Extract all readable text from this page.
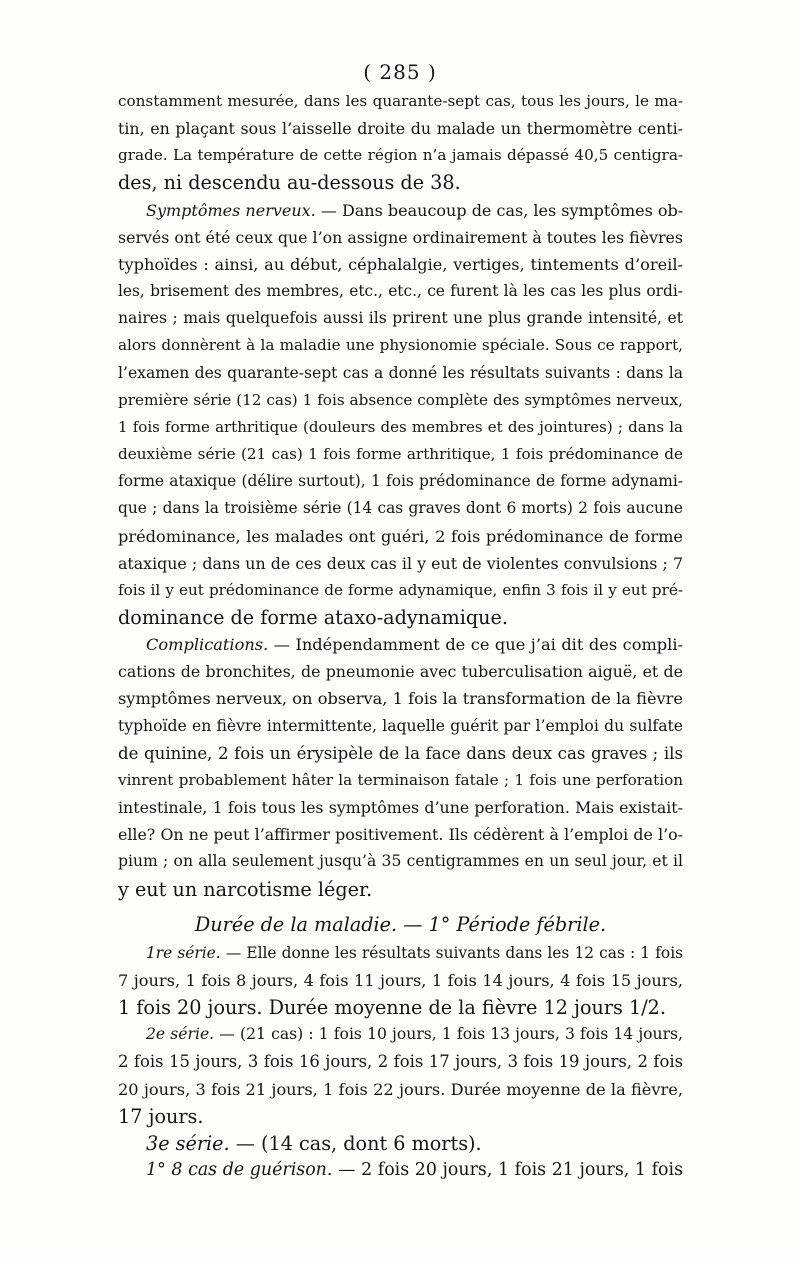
( 285 )
constamment mesurée, dans les quarante-sept cas, tous les jours, le ma-
tin, en plaçant sous l’aisselle droite du malade un thermomètre centi-
grade. La température de cette région n’a jamais dépassé 40,5 centigra-
des, ni descendu au-dessous de 38.
Symptômes nerveux. — Dans beaucoup de cas, les symptômes ob-
servés ont été ceux que l’on assigne ordinairement à toutes les fièvres
typhoïdes : ainsi, au début, céphalalgie, vertiges, tintements d’oreil-
les, brisement des membres, etc., etc., ce furent là les cas les plus ordi-
naires ; mais quelquefois aussi ils prirent une plus grande intensité, et
alors donnèrent à la maladie une physionomie spéciale. Sous ce rapport,
l’examen des quarante-sept cas a donné les résultats suivants : dans la
première série (12 cas) 1 fois absence complète des symptômes nerveux,
1 fois forme arthritique (douleurs des membres et des jointures) ; dans la
deuxième série (21 cas) 1 fois forme arthritique, 1 fois prédominance de
forme ataxique (délire surtout), 1 fois prédominance de forme adynami-
que ; dans la troisième série (14 cas graves dont 6 morts) 2 fois aucune
prédominance, les malades ont guéri, 2 fois prédominance de forme
ataxique ; dans un de ces deux cas il y eut de violentes convulsions ; 7
fois il y eut prédominance de forme adynamique, enfin 3 fois il y eut pré-
dominance de forme ataxo-adynamique.
Complications. — Indépendamment de ce que j’ai dit des compli-
cations de bronchites, de pneumonie avec tuberculisation aiguë, et de
symptômes nerveux, on observa, 1 fois la transformation de la fièvre
typhoïde en fièvre intermittente, laquelle guérit par l’emploi du sulfate
de quinine, 2 fois un érysipèle de la face dans deux cas graves ; ils
vinrent probablement hâter la terminaison fatale ; 1 fois une perforation
intestinale, 1 fois tous les symptômes d’une perforation. Mais existait-
elle? On ne peut l’affirmer positivement. Ils cédèrent à l’emploi de l’o-
pium ; on alla seulement jusqu’à 35 centigrammes en un seul jour, et il
y eut un narcotisme léger.
Durée de la maladie. — 1° Période fébrile.
1re série. — Elle donne les résultats suivants dans les 12 cas : 1 fois
7 jours, 1 fois 8 jours, 4 fois 11 jours, 1 fois 14 jours, 4 fois 15 jours,
1 fois 20 jours. Durée moyenne de la fièvre 12 jours 1/2.
2e série. — (21 cas) : 1 fois 10 jours, 1 fois 13 jours, 3 fois 14 jours,
2 fois 15 jours, 3 fois 16 jours, 2 fois 17 jours, 3 fois 19 jours, 2 fois
20 jours, 3 fois 21 jours, 1 fois 22 jours. Durée moyenne de la fièvre,
17 jours.
3e série. — (14 cas, dont 6 morts).
1° 8 cas de guérison. — 2 fois 20 jours, 1 fois 21 jours, 1 fois
